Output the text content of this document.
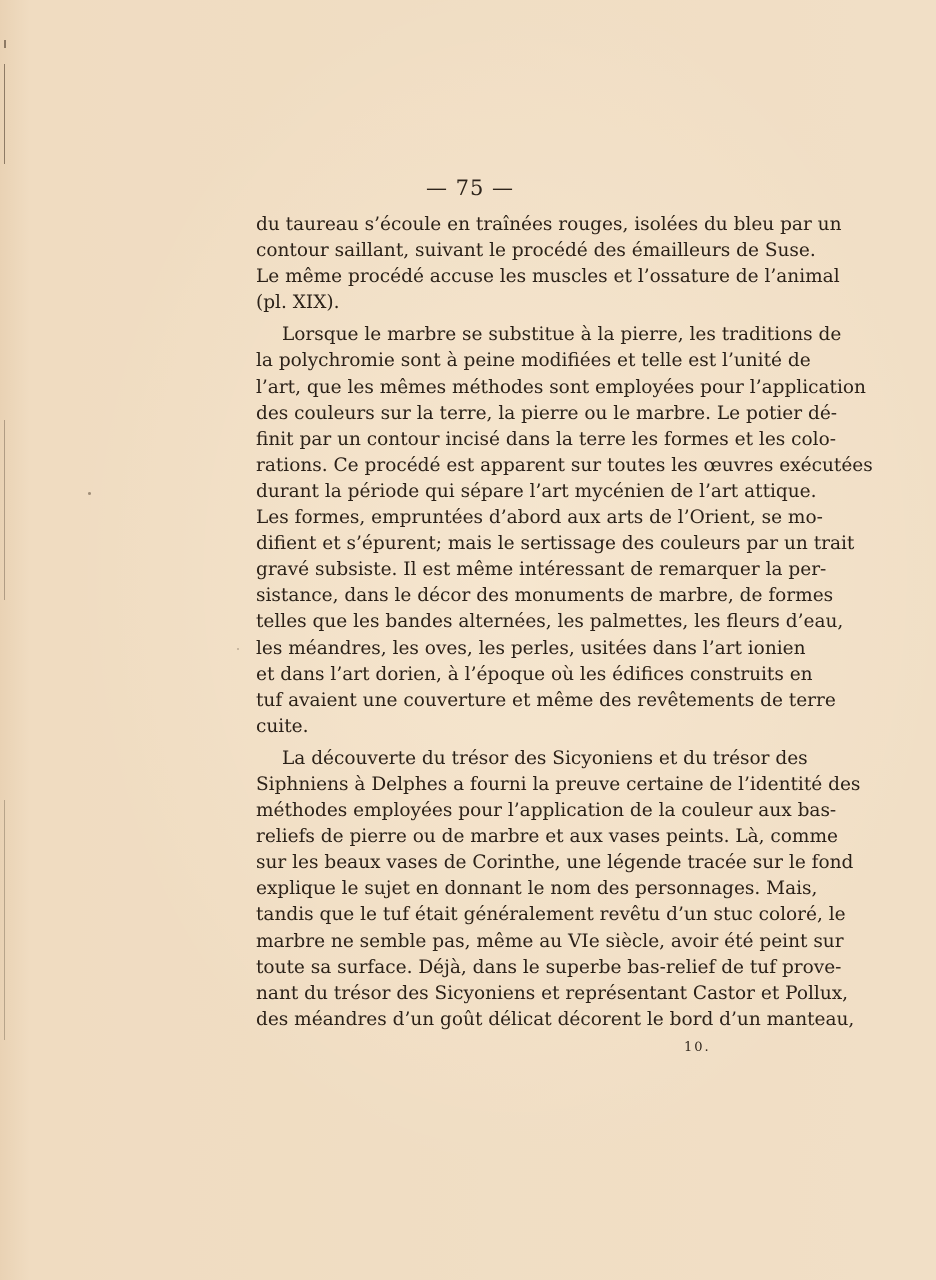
— 75 —
du taureau s’écoule en traînées rouges, isolées du bleu par un
contour saillant, suivant le procédé des émailleurs de Suse.
Le même procédé accuse les muscles et l’ossature de l’animal
(pl. XIX).
Lorsque le marbre se substitue à la pierre, les traditions de
la polychromie sont à peine modifiées et telle est l’unité de
l’art, que les mêmes méthodes sont employées pour l’application
des couleurs sur la terre, la pierre ou le marbre. Le potier dé-
finit par un contour incisé dans la terre les formes et les colo-
rations. Ce procédé est apparent sur toutes les œuvres exécutées
durant la période qui sépare l’art mycénien de l’art attique.
Les formes, empruntées d’abord aux arts de l’Orient, se mo-
difient et s’épurent; mais le sertissage des couleurs par un trait
gravé subsiste. Il est même intéressant de remarquer la per-
sistance, dans le décor des monuments de marbre, de formes
telles que les bandes alternées, les palmettes, les fleurs d’eau,
les méandres, les oves, les perles, usitées dans l’art ionien
et dans l’art dorien, à l’époque où les édifices construits en
tuf avaient une couverture et même des revêtements de terre
cuite.
La découverte du trésor des Sicyoniens et du trésor des
Siphniens à Delphes a fourni la preuve certaine de l’identité des
méthodes employées pour l’application de la couleur aux bas-
reliefs de pierre ou de marbre et aux vases peints. Là, comme
sur les beaux vases de Corinthe, une légende tracée sur le fond
explique le sujet en donnant le nom des personnages. Mais,
tandis que le tuf était généralement revêtu d’un stuc coloré, le
marbre ne semble pas, même au VIe siècle, avoir été peint sur
toute sa surface. Déjà, dans le superbe bas-relief de tuf prove-
nant du trésor des Sicyoniens et représentant Castor et Pollux,
des méandres d’un goût délicat décorent le bord d’un manteau,
10.
